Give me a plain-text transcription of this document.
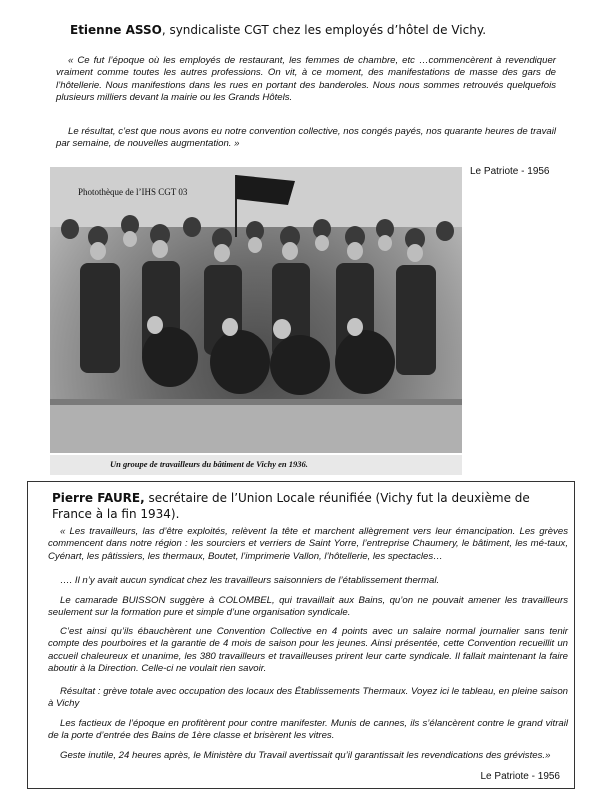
Etienne ASSO, syndicaliste CGT chez les employés d’hôtel de Vichy.
« Ce fut l’époque où les employés de restaurant, les femmes de chambre, etc …commencèrent à revendiquer vraiment comme toutes les autres professions. On vit, à ce moment, des manifestations de masse des gars de l’hôtellerie. Nous manifestions dans les rues en portant des banderoles. Nous nous sommes retrouvés quelquefois plusieurs milliers devant la mairie ou les Grands Hôtels.
Le résultat, c’est que nous avons eu notre convention collective, nos congés payés, nos quarante heures de travail par semaine, de nouvelles augmentation. »
Le Patriote - 1956
Photothèque de l’IHS CGT 03
Un groupe de travailleurs du bâtiment de Vichy en 1936.
Pierre FAURE, secrétaire de l’Union Locale réunifiée (Vichy fut la deuxième de France à la fin 1934).
« Les travailleurs, las d’être exploités, relèvent la tête et marchent allègrement vers leur émancipation. Les grèves commencent dans notre région : les sourciers et verriers de Saint Yorre, l’entreprise Chaumery, le bâtiment, les mé-taux, Cyénart, les pâtissiers, les thermaux, Boutet, l’imprimerie Vallon, l’hôtellerie, les spectacles…
…. Il n’y avait aucun syndicat chez les travailleurs saisonniers de l’établissement thermal.
Le camarade BUISSON suggère à COLOMBEL, qui travaillait aux Bains, qu’on ne pouvait amener les travailleurs seulement sur la formation pure et simple d’une organisation syndicale.
C’est ainsi qu’ils ébauchèrent une Convention Collective en 4 points avec un salaire normal journalier sans tenir compte des pourboires et la garantie de 4 mois de saison pour les jeunes. Ainsi présentée, cette Convention recueillit un accueil chaleureux et unanime, les 380 travailleurs et travailleuses prirent leur carte syndicale. Il fallait maintenant la faire aboutir à la Direction. Celle-ci ne voulait rien savoir.
Résultat : grève totale avec occupation des locaux des Établissements Thermaux. Voyez ici le tableau, en pleine saison à Vichy
Les factieux de l’époque en profitèrent pour contre manifester. Munis de cannes, ils s’élancèrent contre le grand vitrail de la porte d’entrée des Bains de 1ère classe et brisèrent les vitres.
Geste inutile, 24 heures après, le Ministère du Travail avertissait qu’il garantissait les revendications des grévistes.»
Le Patriote - 1956
